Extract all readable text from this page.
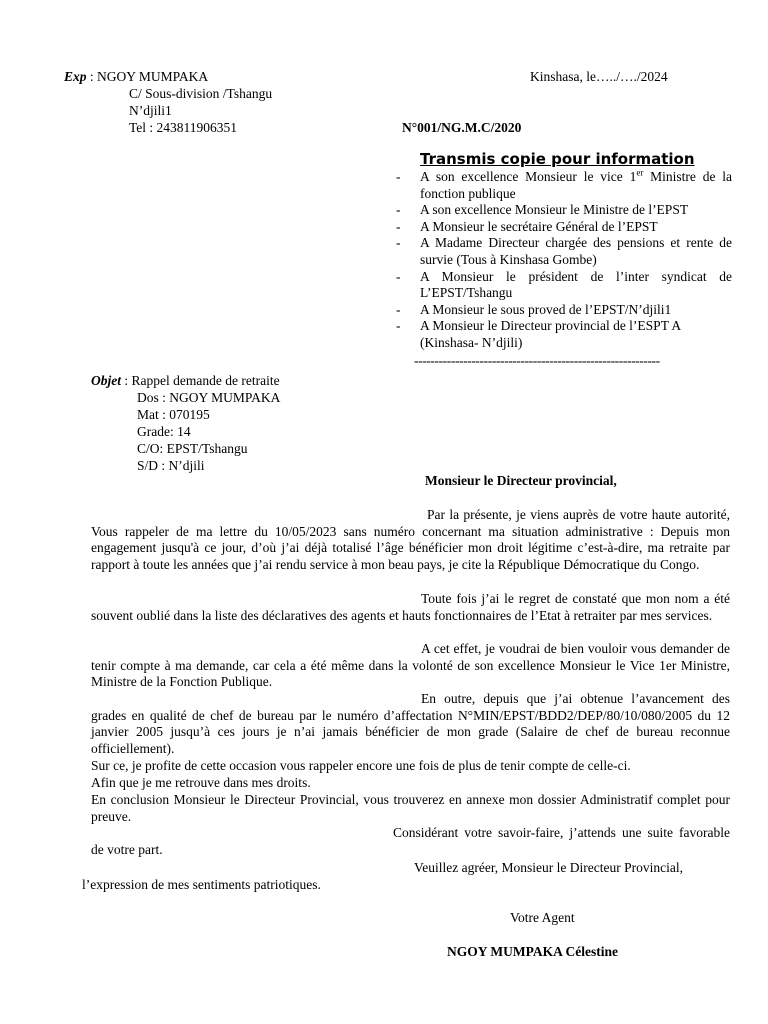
Exp : NGOY MUMPAKA
C/ Sous-division /Tshangu
N’djili1
Tel : 243811906351
Kinshasa, le…../…./2024
N°001/NG.M.C/2020
Transmis copie pour information
- A son excellence Monsieur le vice 1er Ministre de la fonction publique
- A son excellence Monsieur le Ministre de l’EPST
- A Monsieur le secrétaire Général de l’EPST
- A Madame Directeur chargée des pensions et rente de survie (Tous à Kinshasa Gombe)
- A Monsieur le président de l’inter syndicat de L’EPST/Tshangu
- A Monsieur le sous proved de l’EPST/N’djili1
- A Monsieur le Directeur provincial de l’ESPT A (Kinshasa- N’djili)
------------------------------------------------------------
Objet : Rappel demande de retraite
Dos : NGOY MUMPAKA
Mat : 070195
Grade: 14
C/O: EPST/Tshangu
S/D : N’djili
Monsieur le Directeur provincial,
Par la présente, je viens auprès de votre haute autorité, Vous rappeler de ma lettre du 10/05/2023 sans numéro concernant ma situation administrative : Depuis mon engagement jusqu'à ce jour, d’où j’ai déjà totalisé l’âge bénéficier mon droit légitime c’est-à-dire, ma retraite par rapport à toute les années que j’ai rendu service à mon beau pays, je cite la République Démocratique du Congo.
Toute fois j’ai le regret de constaté que mon nom a été souvent oublié dans la liste des déclaratives des agents et hauts fonctionnaires de l’Etat à retraiter par mes services.
A cet effet, je voudrai de bien vouloir vous demander de tenir compte à ma demande, car cela a été même dans la volonté de son excellence Monsieur le Vice 1er Ministre, Ministre de la Fonction Publique.
En outre, depuis que j’ai obtenue l’avancement des grades en qualité de chef de bureau par le numéro d’affectation N°MIN/EPST/BDD2/DEP/80/10/080/2005 du 12 janvier 2005 jusqu’à ces jours je n’ai jamais bénéficier de mon grade (Salaire de chef de bureau reconnue officiellement).
Sur ce, je profite de cette occasion vous rappeler encore une fois de plus de tenir compte de celle-ci.
Afin que je me retrouve dans mes droits.
En conclusion Monsieur le Directeur Provincial, vous trouverez en annexe mon dossier Administratif complet pour preuve.
Considérant votre savoir-faire, j’attends une suite favorable de votre part.
Veuillez agréer, Monsieur le Directeur Provincial,
l’expression de mes sentiments patriotiques.
Votre Agent
NGOY MUMPAKA Célestine
